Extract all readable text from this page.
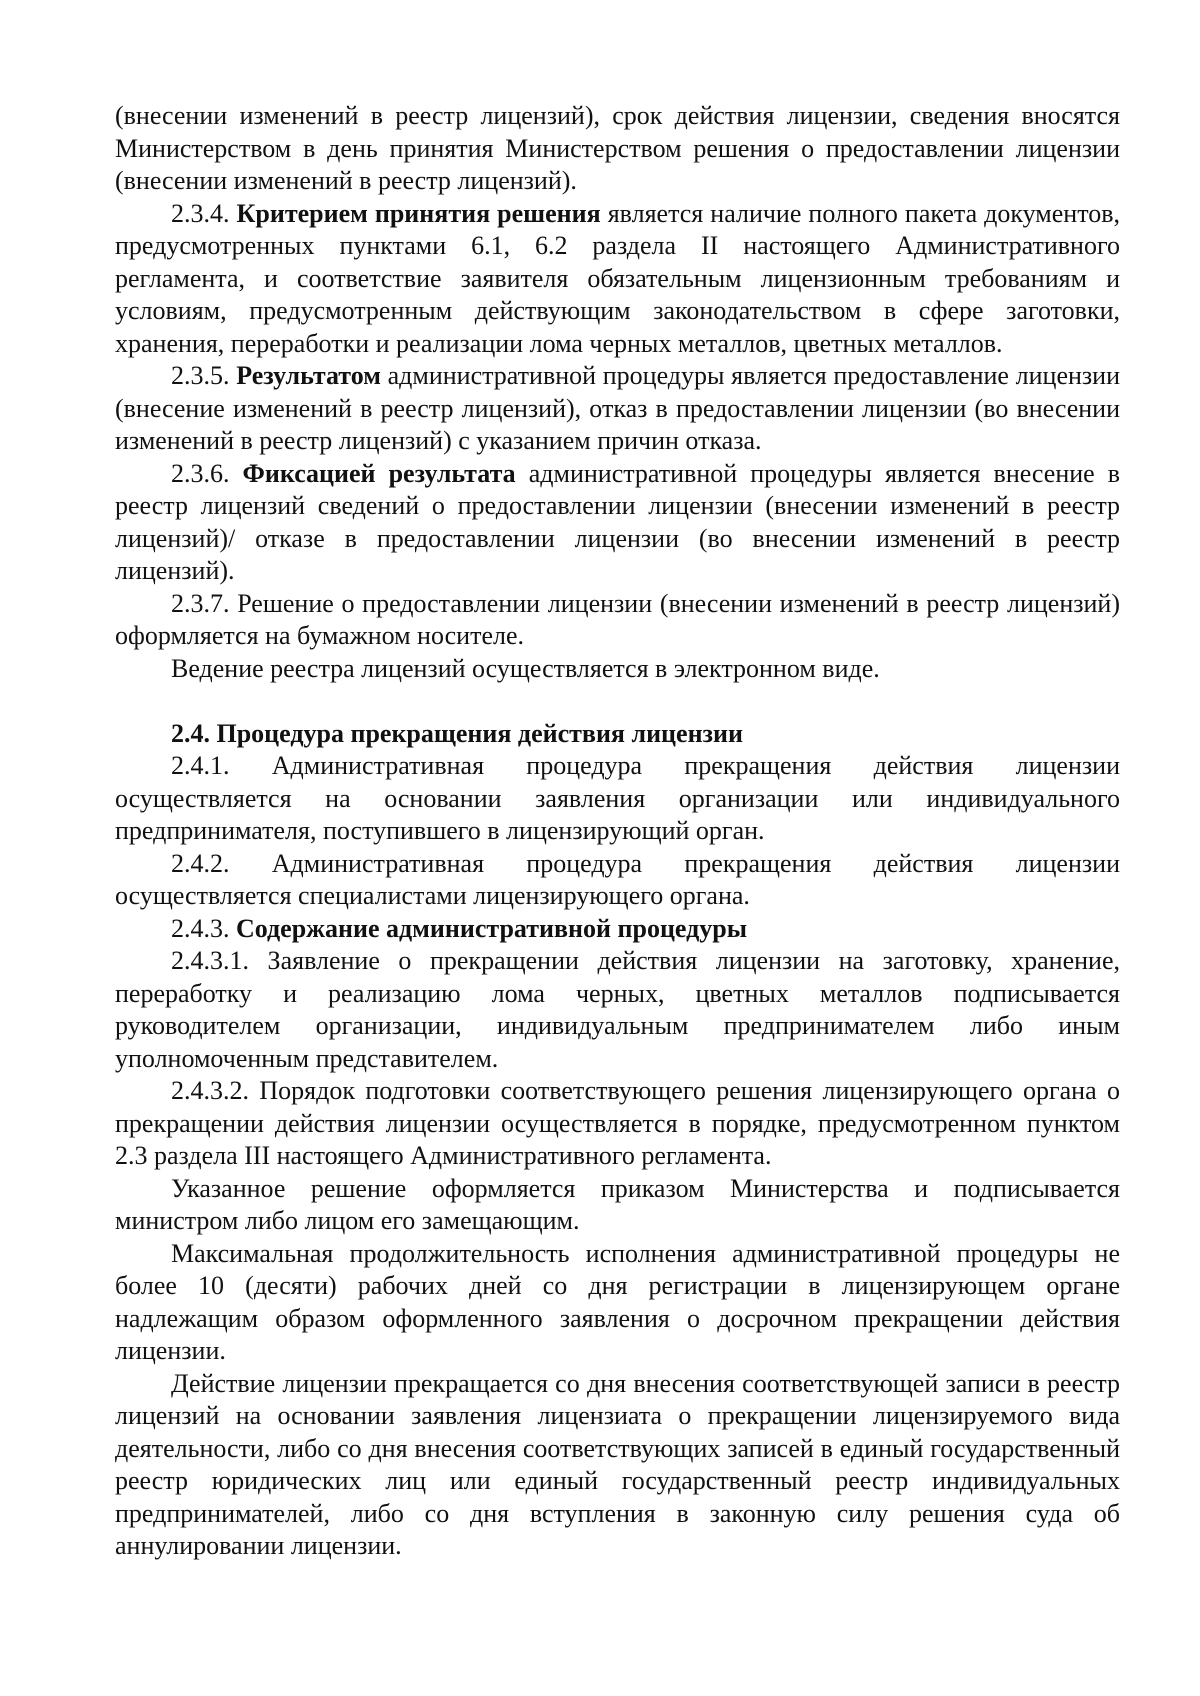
(внесении изменений в реестр лицензий), срок действия лицензии, сведения вносятся Министерством в день принятия Министерством решения о предоставлении лицензии (внесении изменений в реестр лицензий).

2.3.4. Критерием принятия решения является наличие полного пакета документов, предусмотренных пунктами 6.1, 6.2 раздела II настоящего Административного регламента, и соответствие заявителя обязательным лицензионным требованиям и условиям, предусмотренным действующим законодательством в сфере заготовки, хранения, переработки и реализации лома черных металлов, цветных металлов.

2.3.5. Результатом административной процедуры является предоставление лицензии (внесение изменений в реестр лицензий), отказ в предоставлении лицензии (во внесении изменений в реестр лицензий) с указанием причин отказа.

2.3.6. Фиксацией результата административной процедуры является внесение в реестр лицензий сведений о предоставлении лицензии (внесении изменений в реестр лицензий)/ отказе в предоставлении лицензии (во внесении изменений в реестр лицензий).

2.3.7. Решение о предоставлении лицензии (внесении изменений в реестр лицензий) оформляется на бумажном носителе.

Ведение реестра лицензий осуществляется в электронном виде.

2.4. Процедура прекращения действия лицензии

2.4.1. Административная процедура прекращения действия лицензии осуществляется на основании заявления организации или индивидуального предпринимателя, поступившего в лицензирующий орган.

2.4.2. Административная процедура прекращения действия лицензии осуществляется специалистами лицензирующего органа.

2.4.3. Содержание административной процедуры

2.4.3.1. Заявление о прекращении действия лицензии на заготовку, хранение, переработку и реализацию лома черных, цветных металлов подписывается руководителем организации, индивидуальным предпринимателем либо иным уполномоченным представителем.

2.4.3.2. Порядок подготовки соответствующего решения лицензирующего органа о прекращении действия лицензии осуществляется в порядке, предусмотренном пунктом 2.3 раздела III настоящего Административного регламента.

Указанное решение оформляется приказом Министерства и подписывается министром либо лицом его замещающим.

Максимальная продолжительность исполнения административной процедуры не более 10 (десяти) рабочих дней со дня регистрации в лицензирующем органе надлежащим образом оформленного заявления о досрочном прекращении действия лицензии.

Действие лицензии прекращается со дня внесения соответствующей записи в реестр лицензий на основании заявления лицензиата о прекращении лицензируемого вида деятельности, либо со дня внесения соответствующих записей в единый государственный реестр юридических лиц или единый государственный реестр индивидуальных предпринимателей, либо со дня вступления в законную силу решения суда об аннулировании лицензии.
